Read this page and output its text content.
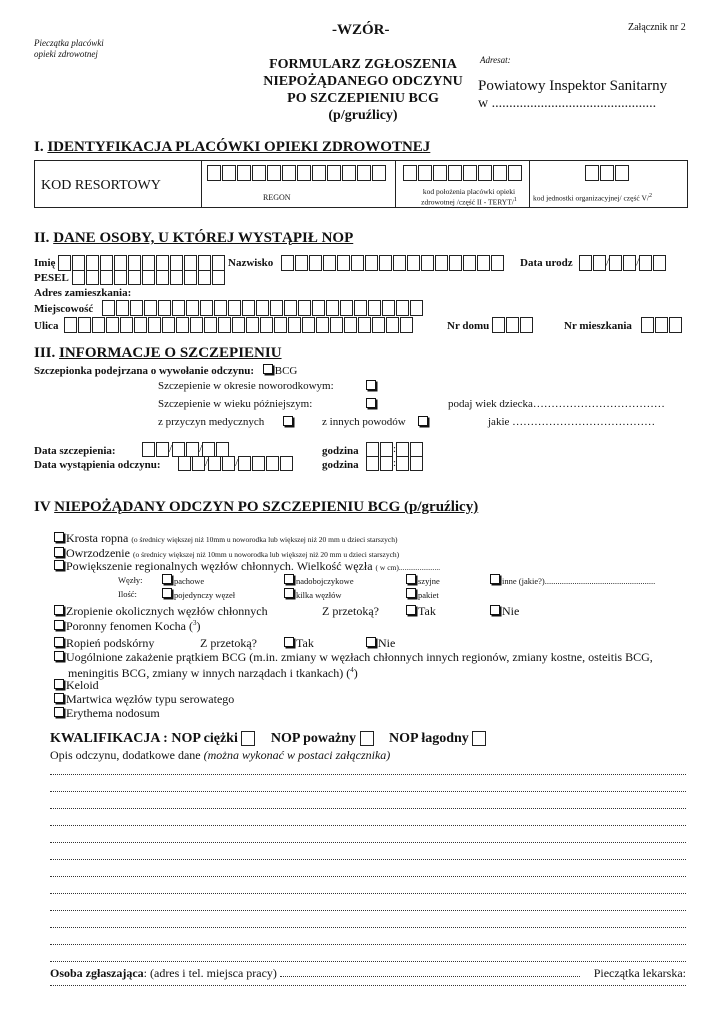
Pieczątka placówki
opieki zdrowotnej
-WZÓR-	Załącznik nr 2
FORMULARZ ZGŁOSZENIA
NIEPOŻĄDANEGO ODCZYNU
PO SZCZEPIENIU BCG
(p/gruźlicy)
Adresat:
Powiatowy Inspektor Sanitarny
w ...............................................
I. IDENTYFIKACJA PLACÓWKI OPIEKI ZDROWOTNEJ
KOD RESORTOWY
REGON
kod położenia placówki opieki
zdrowotnej /część II - TERYT/$^1$	kod jednostki organizacyjnej/ część V/$^2$
II. DANE OSOBY, U KTÓREJ WYSTĄPIŁ NOP
Imię	Nazwisko	Data urodz	/ /
PESEL
Adres zamieszkania:
Miejscowość
Ulica	Nr domu	Nr mieszkania
III. INFORMACJE O SZCZEPIENIU
Szczepionka podejrzana o wywołanie odczynu: BCG
Szczepienie w okresie noworodkowym:
Szczepienie w wieku późniejszym:	podaj wiek dziecka………………………………
z przyczyn medycznych	z innych powodów	jakie …………………………………
Data szczepienia:	/ /	godzina	:
Data wystąpienia odczynu:	/ /	godzina	:
IV NIEPOŻĄDANY ODCZYN PO SZCZEPIENIU BCG (p/gruźlicy)
Krosta ropna (o średnicy większej niż 10mm u noworodka lub większej niż 20 mm u dzieci starszych)
Owrzodzenie (o średnicy większej niż 10mm u noworodka lub większej niż 20 mm u dzieci starszych)
Powiększenie regionalnych węzłów chłonnych. Wielkość węzła ( w cm)......................
Węzły:	pachowe	nadobojczykowe	szyjne	inne (jakie?)....................................................
Ilość:	pojedynczy węzeł	kilka węzłów	pakiet
Zropienie okolicznych węzłów chłonnych	Z przetoką?	Tak	Nie
Poronny fenomen Kocha ($^3$)
Ropień podskórny	Z przetoką?	Tak	Nie
Uogólnione zakażenie prątkiem BCG (m.in. zmiany w węzłach chłonnych innych regionów, zmiany kostne, osteitis BCG,
meningitis BCG, zmiany w innych narządach i tkankach) ($^4$)
Keloid
Martwica węzłów typu serowatego
Erythema nodosum
KWALIFIKACJA : NOP ciężki NOP poważny NOP łagodny
Opis odczynu, dodatkowe dane (można wykonać w postaci załącznika)
Osoba zgłaszająca: (adres i tel. miejsca pracy)	Pieczątka lekarska:
